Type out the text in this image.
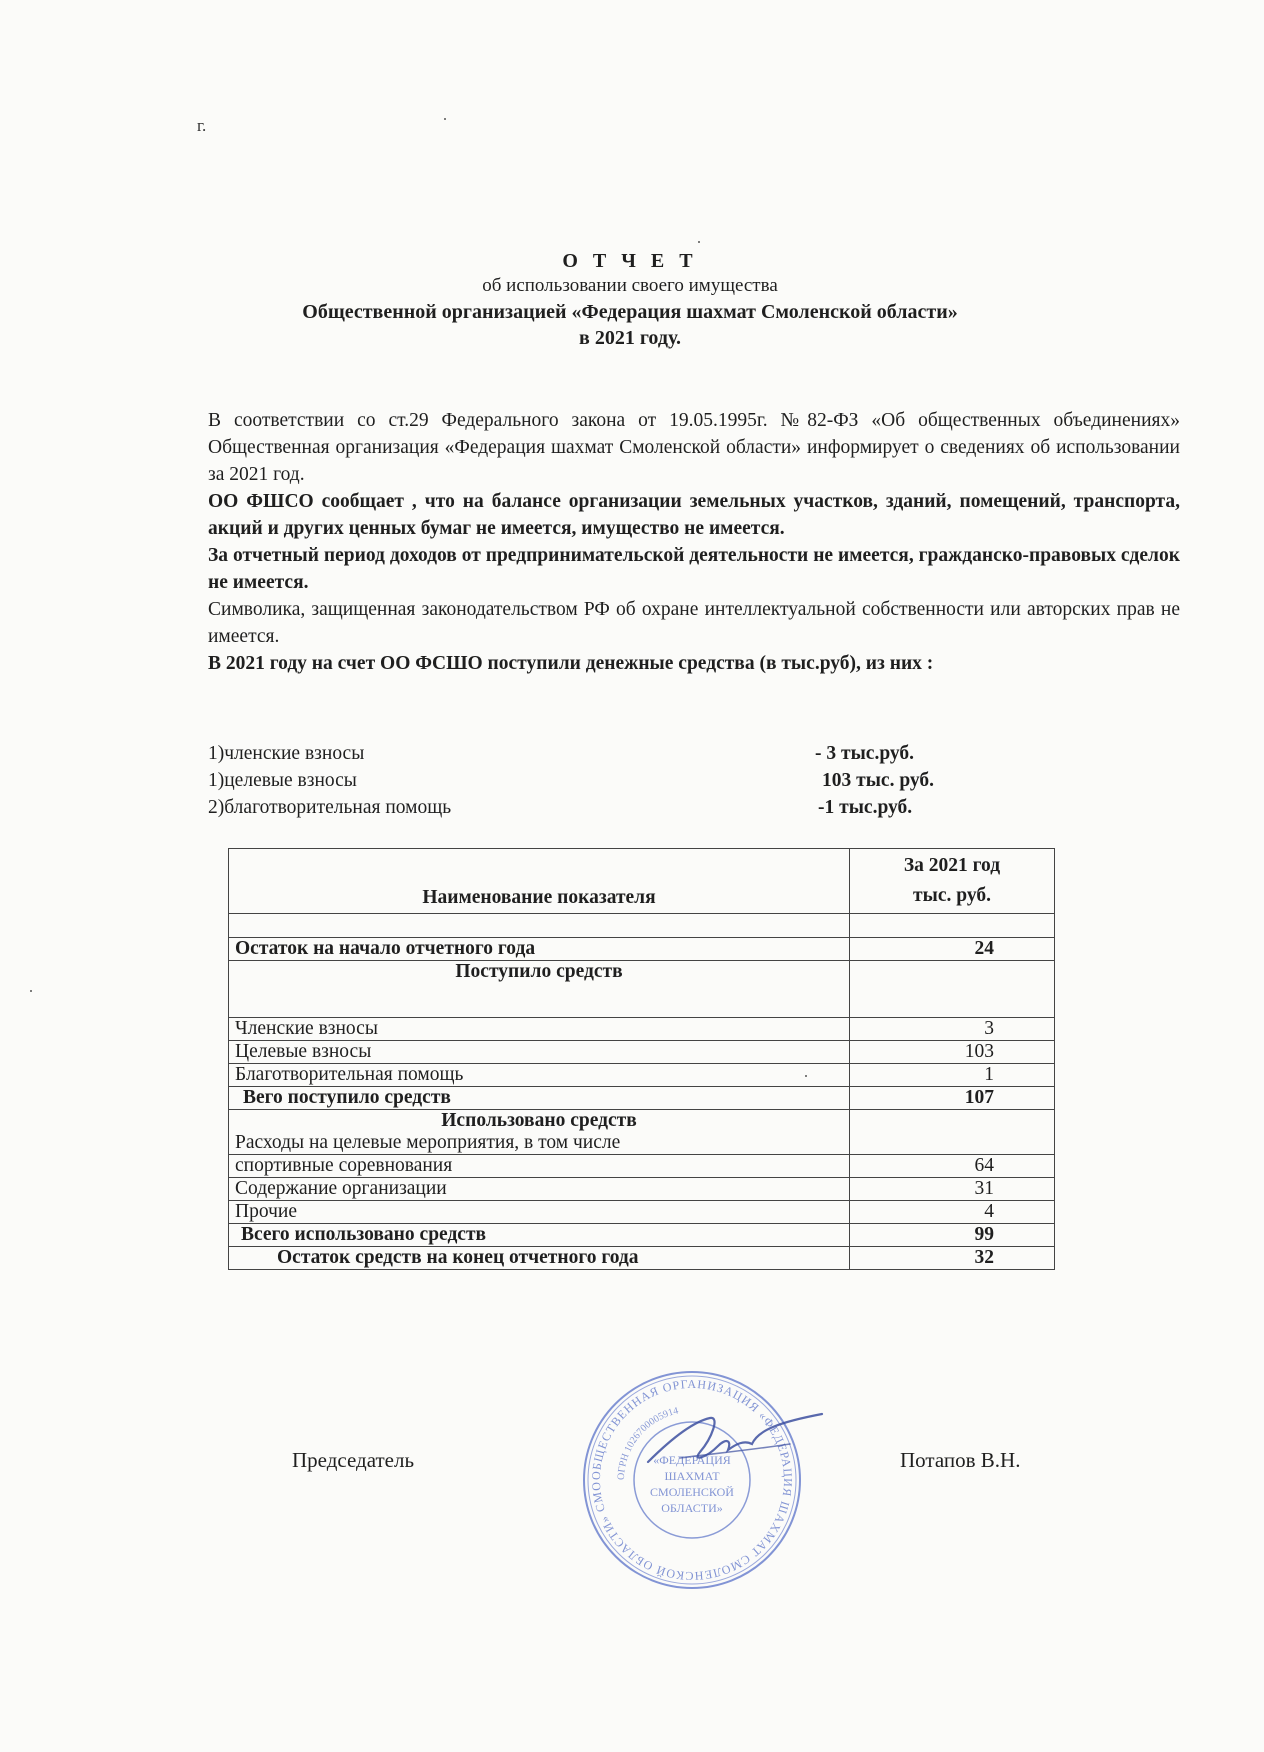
г.
О Т Ч Е Т
об использовании своего имущества
Общественной организацией «Федерация шахмат Смоленской области»
в 2021 году.

В соответствии со ст.29 Федерального закона от 19.05.1995г. №82-ФЗ «Об общественных объединениях» Общественная организация «Федерация шахмат Смоленской области» информирует о сведениях об использовании за 2021 год.

ОО ФШСО сообщает , что на балансе организации земельных участков, зданий, помещений, транспорта, акций и других ценных бумаг не имеется, имущество не имеется.

За отчетный период доходов от предпринимательской деятельности не имеется, гражданско-правовых сделок не имеется.

Символика, защищенная законодательством РФ об охране интеллектуальной собственности или авторских прав не имеется.

В 2021 году на счет ОО ФСШО поступили денежные средства (в тыс.руб), из них :

1)членские взносы	- 3 тыс.руб.
1)целевые взносы	103 тыс. руб.
2)благотворительная помощь	-1 тыс.руб.
Наименование показателя	За 2021 год
тыс. руб.

Остаток на начало отчетного года	24
Поступило средств	
Членские взносы	3
Целевые взносы	103
Благотворительная помощь	1
Вего поступило средств	107

Использовано средств
Расходы на целевые мероприятия, в том числе	

спортивные соревнования	64
Содержание организации	31
Прочие	4
Всего использовано средств	99
Остаток средств на конец отчетного года	32
Председатель	Потапов В.Н.
ОБЩЕСТВЕННАЯ ОРГАНИЗАЦИЯ «ФЕДЕРАЦИЯ ШАХМАТ СМОЛЕНСКОЙ ОБЛАСТИ» СМО
ОГРН 1026700005914
«ФЕДЕРАЦИЯ
ШАХМАТ
СМОЛЕНСКОЙ
ОБЛАСТИ»
